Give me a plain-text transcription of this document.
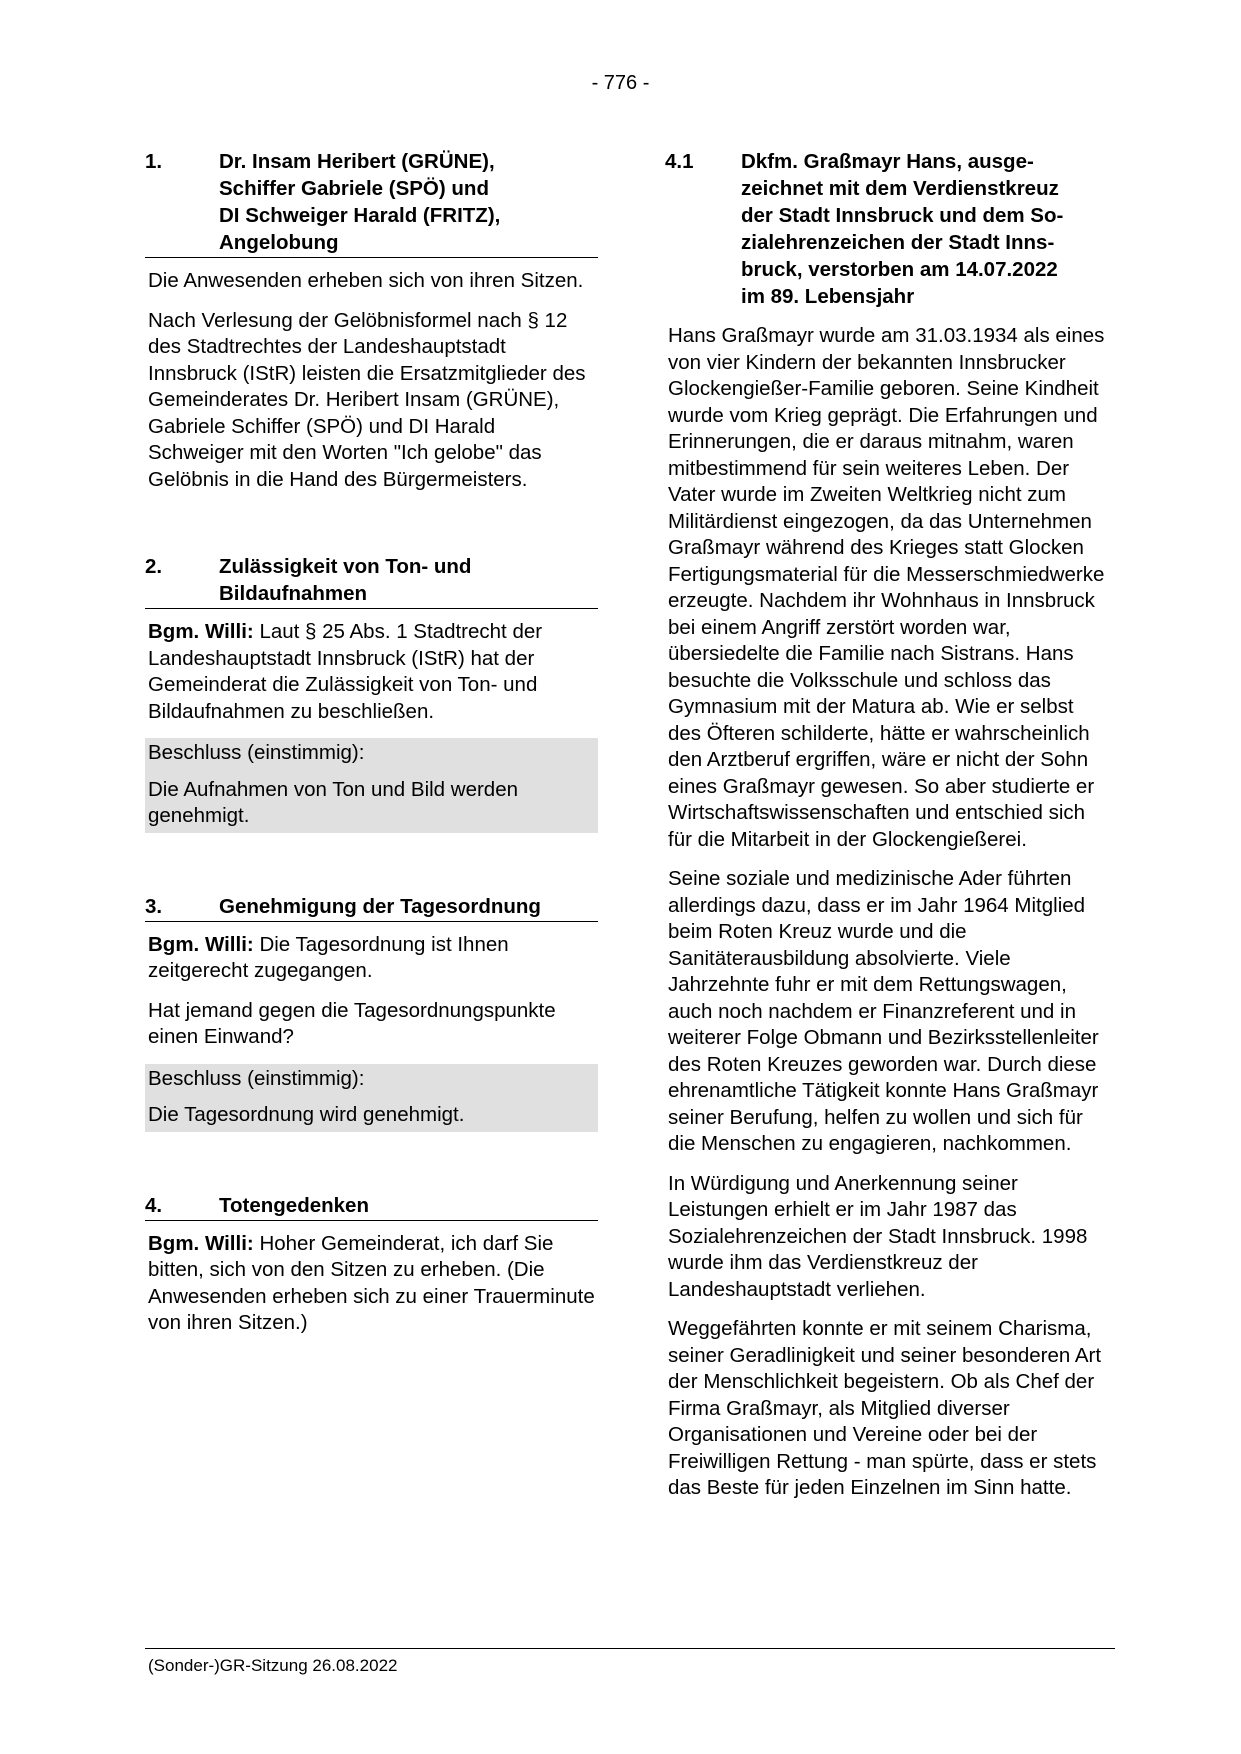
- 776 -
1.	Dr. Insam Heribert (GRÜNE),
Schiffer Gabriele (SPÖ) und
DI Schweiger Harald (FRITZ),
Angelobung

Die Anwesenden erheben sich von ihren Sitzen.

Nach Verlesung der Gelöbnisformel nach § 12 des Stadtrechtes der Landeshauptstadt Innsbruck (IStR) leisten die Ersatzmitglieder des Gemeinderates Dr. Heribert Insam (GRÜNE), Gabriele Schiffer (SPÖ) und DI Harald Schweiger mit den Worten "Ich gelobe" das Gelöbnis in die Hand des Bürgermeisters.

2.	Zulässigkeit von Ton- und Bildaufnahmen

Bgm. Willi: Laut § 25 Abs. 1 Stadtrecht der Landeshauptstadt Innsbruck (IStR) hat der Gemeinderat die Zulässigkeit von Ton- und Bildaufnahmen zu beschließen.

Beschluss (einstimmig):

Die Aufnahmen von Ton und Bild werden genehmigt.

3.	Genehmigung der Tagesordnung

Bgm. Willi: Die Tagesordnung ist Ihnen zeitgerecht zugegangen.

Hat jemand gegen die Tagesordnungspunkte einen Einwand?

Beschluss (einstimmig):

Die Tagesordnung wird genehmigt.

4.	Totengedenken

Bgm. Willi: Hoher Gemeinderat, ich darf Sie bitten, sich von den Sitzen zu erheben. (Die Anwesenden erheben sich zu einer Trauerminute von ihren Sitzen.)

4.1	Dkfm. Graßmayr Hans, ausge-
zeichnet mit dem Verdienstkreuz
der Stadt Innsbruck und dem So-
zialehrenzeichen der Stadt Inns-
bruck, verstorben am 14.07.2022
im 89. Lebensjahr

Hans Graßmayr wurde am 31.03.1934 als eines von vier Kindern der bekannten Innsbrucker Glockengießer-Familie geboren. Seine Kindheit wurde vom Krieg geprägt. Die Erfahrungen und Erinnerungen, die er daraus mitnahm, waren mitbestimmend für sein weiteres Leben. Der Vater wurde im Zweiten Weltkrieg nicht zum Militärdienst eingezogen, da das Unternehmen Graßmayr während des Krieges statt Glocken Fertigungsmaterial für die Messerschmiedwerke erzeugte. Nachdem ihr Wohnhaus in Innsbruck bei einem Angriff zerstört worden war, übersiedelte die Familie nach Sistrans. Hans besuchte die Volksschule und schloss das Gymnasium mit der Matura ab. Wie er selbst des Öfteren schilderte, hätte er wahrscheinlich den Arztberuf ergriffen, wäre er nicht der Sohn eines Graßmayr gewesen. So aber studierte er Wirtschaftswissenschaften und entschied sich für die Mitarbeit in der Glockengießerei.

Seine soziale und medizinische Ader führten allerdings dazu, dass er im Jahr 1964 Mitglied beim Roten Kreuz wurde und die Sanitäterausbildung absolvierte. Viele Jahrzehnte fuhr er mit dem Rettungswagen, auch noch nachdem er Finanzreferent und in weiterer Folge Obmann und Bezirksstellenleiter des Roten Kreuzes geworden war. Durch diese ehrenamtliche Tätigkeit konnte Hans Graßmayr seiner Berufung, helfen zu wollen und sich für die Menschen zu engagieren, nachkommen.

In Würdigung und Anerkennung seiner Leistungen erhielt er im Jahr 1987 das Sozialehrenzeichen der Stadt Innsbruck. 1998 wurde ihm das Verdienstkreuz der Landeshauptstadt verliehen.

Weggefährten konnte er mit seinem Charisma, seiner Geradlinigkeit und seiner besonderen Art der Menschlichkeit begeistern. Ob als Chef der Firma Graßmayr, als Mitglied diverser Organisationen und Vereine oder bei der Freiwilligen Rettung - man spürte, dass er stets das Beste für jeden Einzelnen im Sinn hatte.

(Sonder-)GR-Sitzung 26.08.2022
